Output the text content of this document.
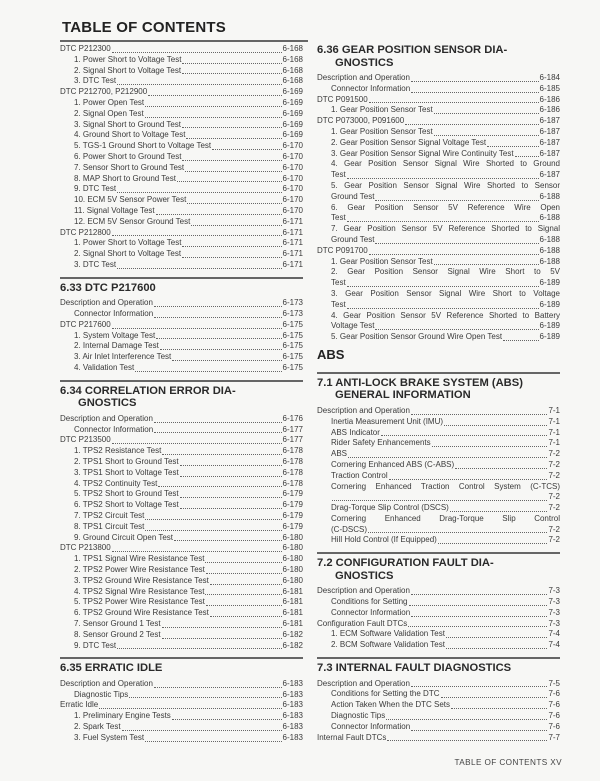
TABLE OF CONTENTS
DTC P212300	6-168
1. Power Short to Voltage Test	6-168
2. Signal Short to Voltage Test	6-168
3. DTC Test	6-168
DTC P212700, P212900	6-169
1. Power Open Test	6-169
2. Signal Open Test	6-169
3. Signal Short to Ground Test	6-169
4. Ground Short to Voltage Test	6-169
5. TGS-1 Ground Short to Voltage Test	6-170
6. Power Short to Ground Test	6-170
7. Sensor Short to Ground Test	6-170
8. MAP Short to Ground Test	6-170
9. DTC Test	6-170
10. ECM 5V Sensor Power Test	6-170
11. Signal Voltage Test	6-170
12. ECM 5V Sensor Ground Test	6-171
DTC P212800	6-171
1. Power Short to Voltage Test	6-171
2. Signal Short to Voltage Test	6-171
3. DTC Test	6-171
6.33 DTC P217600
Description and Operation	6-173
Connector Information	6-173
DTC P217600	6-175
1. System Voltage Test	6-175
2. Internal Damage Test	6-175
3. Air Inlet Interference Test	6-175
4. Validation Test	6-175
6.34 CORRELATION ERROR DIA-
GNOSTICS
Description and Operation	6-176
Connector Information	6-177
DTC P213500	6-177
1. TPS2 Resistance Test	6-178
2. TPS1 Short to Ground Test	6-178
3. TPS1 Short to Voltage Test	6-178
4. TPS2 Continuity Test	6-178
5. TPS2 Short to Ground Test	6-179
6. TPS2 Short to Voltage Test	6-179
7. TPS2 Circuit Test	6-179
8. TPS1 Circuit Test	6-179
9. Ground Circuit Open Test	6-180
DTC P213800	6-180
1. TPS1 Signal Wire Resistance Test	6-180
2. TPS2 Power Wire Resistance Test	6-180
3. TPS2 Ground Wire Resistance Test	6-180
4. TPS2 Signal Wire Resistance Test	6-181
5. TPS2 Power Wire Resistance Test	6-181
6. TPS2 Ground Wire Resistance Test	6-181
7. Sensor Ground 1 Test	6-181
8. Sensor Ground 2 Test	6-182
9. DTC Test	6-182
6.35 ERRATIC IDLE
Description and Operation	6-183
Diagnostic Tips	6-183
Erratic Idle	6-183
1. Preliminary Engine Tests	6-183
2. Spark Test	6-183
3. Fuel System Test	6-183
6.36 GEAR POSITION SENSOR DIA-
GNOSTICS
Description and Operation	6-184
Connector Information	6-185
DTC P091500	6-186
1. Gear Position Sensor Test	6-186
DTC P073000, P091600	6-187
1. Gear Position Sensor Test	6-187
2. Gear Position Sensor Signal Voltage Test	6-187
3. Gear Position Sensor Signal Wire Continuity Test	6-187
4. Gear Position Sensor Signal Wire Shorted to Ground
Test	6-187
5. Gear Position Sensor Signal Wire Shorted to Sensor
Ground Test	6-188
6. Gear Position Sensor 5V Reference Wire Open
Test	6-188
7. Gear Position Sensor 5V Reference Shorted to Signal
Ground Test	6-188
DTC P091700	6-188
1. Gear Position Sensor Test	6-188
2. Gear Position Sensor Signal Wire Short to 5V
Test	6-189
3. Gear Position Sensor Signal Wire Short to Voltage
Test	6-189
4. Gear Position Sensor 5V Reference Shorted to Battery
Voltage Test	6-189
5. Gear Position Sensor Ground Wire Open Test	6-189
ABS
7.1 ANTI-LOCK BRAKE SYSTEM (ABS)
GENERAL INFORMATION
Description and Operation	7-1
Inertia Measurement Unit (IMU)	7-1
ABS Indicator	7-1
Rider Safety Enhancements	7-1
ABS	7-2
Cornering Enhanced ABS (C-ABS)	7-2
Traction Control	7-2
Cornering Enhanced Traction Control System (C-TCS)
7-2
Drag-Torque Slip Control (DSCS)	7-2
Cornering Enhanced Drag-Torque Slip Control
(C-DSCS)	7-2
Hill Hold Control (If Equipped)	7-2
7.2 CONFIGURATION FAULT DIA-
GNOSTICS
Description and Operation	7-3
Conditions for Setting	7-3
Connector Information	7-3
Configuration Fault DTCs	7-3
1. ECM Software Validation Test	7-4
2. BCM Software Validation Test	7-4
7.3 INTERNAL FAULT DIAGNOSTICS
Description and Operation	7-5
Conditions for Setting the DTC	7-6
Action Taken When the DTC Sets	7-6
Diagnostic Tips	7-6
Connector Information	7-6
Internal Fault DTCs	7-7
TABLE OF CONTENTS XV
